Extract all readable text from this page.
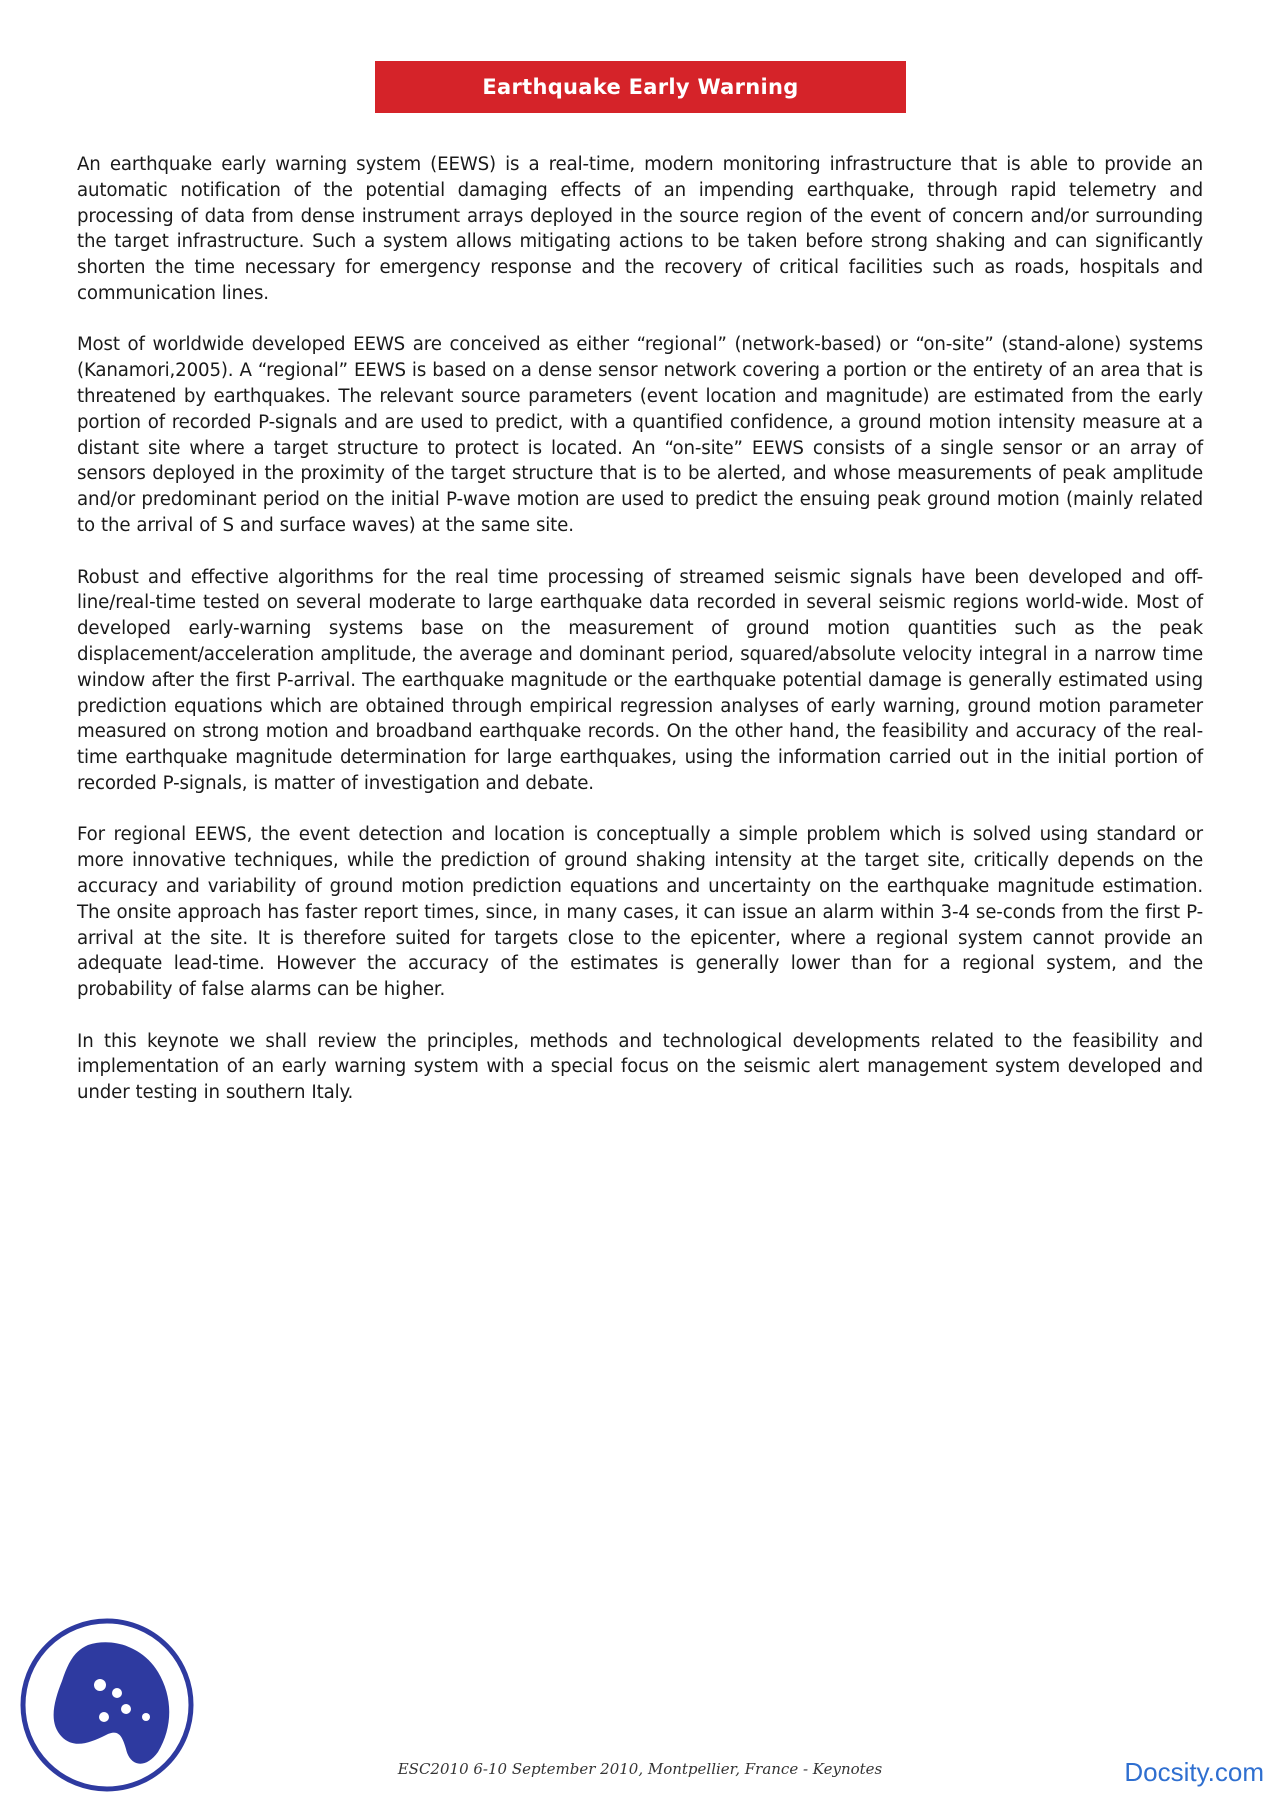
Earthquake Early Warning

An earthquake early warning system (EEWS) is a real-time, modern monitoring infrastructure that is able to provide an automatic notification of the potential damaging effects of an impending earthquake, through rapid telemetry and processing of data from dense instrument arrays deployed in the source region of the event of concern and/or surrounding the target infrastructure. Such a system allows mitigating actions to be taken before strong shaking and can significantly shorten the time necessary for emergency response and the recovery of critical facilities such as roads, hospitals and communication lines.

Most of worldwide developed EEWS are conceived as either “regional” (network-based) or “on-site” (stand-alone) systems (Kanamori,2005). A “regional” EEWS is based on a dense sensor network covering a portion or the entirety of an area that is threatened by earthquakes. The relevant source parameters (event location and magnitude) are estimated from the early portion of recorded P-signals and are used to predict, with a quantified confidence, a ground motion intensity measure at a distant site where a target structure to protect is located. An “on-site” EEWS consists of a single sensor or an array of sensors deployed in the proximity of the target structure that is to be alerted, and whose measurements of peak amplitude and/or predominant period on the initial P-wave motion are used to predict the ensuing peak ground motion (mainly related to the arrival of S and surface waves) at the same site.

Robust and effective algorithms for the real time processing of streamed seismic signals have been developed and off-line/real-time tested on several moderate to large earthquake data recorded in several seismic regions world-wide. Most of developed early-warning systems base on the measurement of ground motion quantities such as the peak displacement/acceleration amplitude, the average and dominant period, squared/absolute velocity integral in a narrow time window after the first P-arrival. The earthquake magnitude or the earthquake potential damage is generally estimated using prediction equations which are obtained through empirical regression analyses of early warning, ground motion parameter measured on strong motion and broadband earthquake records. On the other hand, the feasibility and accuracy of the real-time earthquake magnitude determination for large earthquakes, using the information carried out in the initial portion of recorded P-signals, is matter of investigation and debate.

For regional EEWS, the event detection and location is conceptually a simple problem which is solved using standard or more innovative techniques, while the prediction of ground shaking intensity at the target site, critically depends on the accuracy and variability of ground motion prediction equations and uncertainty on the earthquake magnitude estimation. The onsite approach has faster report times, since, in many cases, it can issue an alarm within 3-4 se-conds from the first P-arrival at the site. It is therefore suited for targets close to the epicenter, where a regional system cannot provide an adequate lead-time. However the accuracy of the estimates is generally lower than for a regional system, and the probability of false alarms can be higher.

In this keynote we shall review the principles, methods and technological developments related to the feasibility and implementation of an early warning system with a special focus on the seismic alert management system developed and under testing in southern Italy.

ESC2010 6-10 September 2010, Montpellier, France - Keynotes	Docsity.com
